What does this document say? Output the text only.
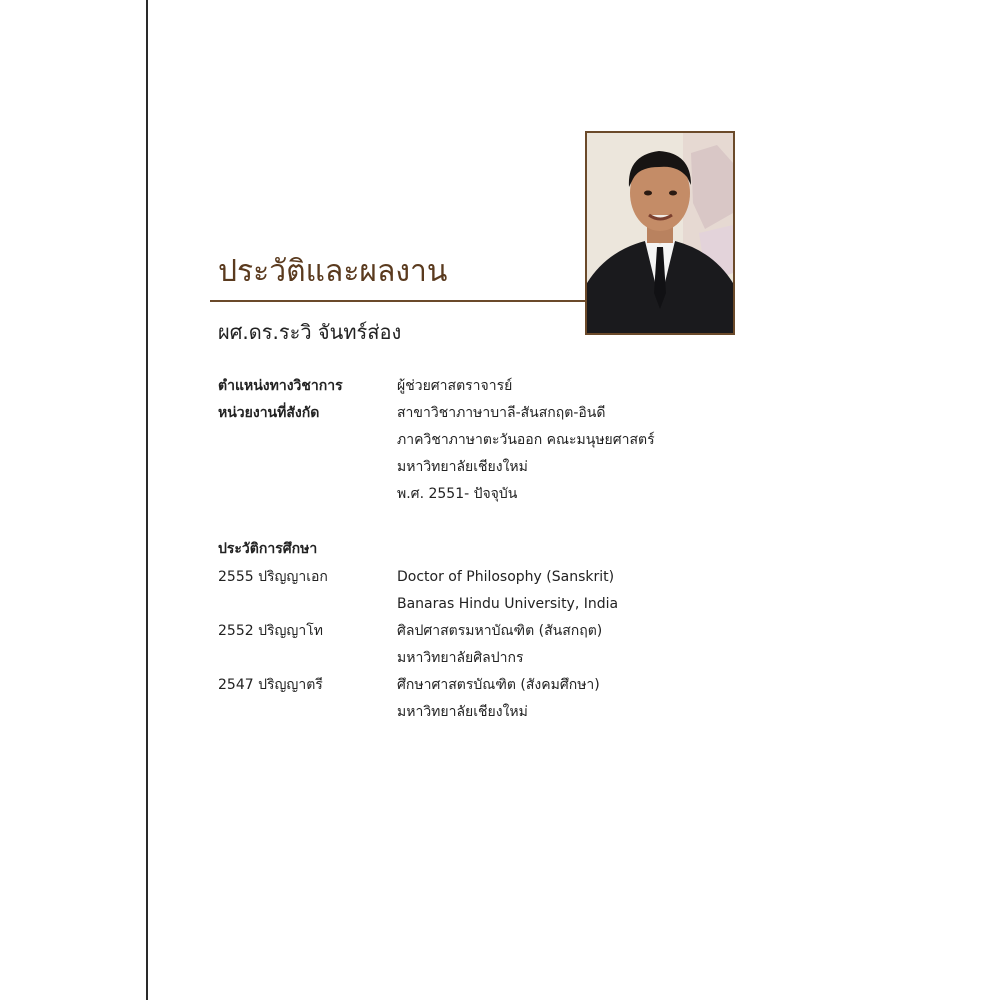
ประวัติและผลงาน
ผศ.ดร.ระวิ จันทร์ส่อง
ตำแหน่งทางวิชาการ	ผู้ช่วยศาสตราจารย์
หน่วยงานที่สังกัด	สาขาวิชาภาษาบาลี-สันสกฤต-อินดี
ภาควิชาภาษาตะวันออก คณะมนุษยศาสตร์
มหาวิทยาลัยเชียงใหม่
พ.ศ. 2551- ปัจจุบัน
ประวัติการศึกษา
2555 ปริญญาเอก	Doctor of Philosophy (Sanskrit)
Banaras Hindu University, India
2552 ปริญญาโท	ศิลปศาสตรมหาบัณฑิต (สันสกฤต)
มหาวิทยาลัยศิลปากร
2547 ปริญญาตรี	ศึกษาศาสตรบัณฑิต (สังคมศึกษา)
มหาวิทยาลัยเชียงใหม่
